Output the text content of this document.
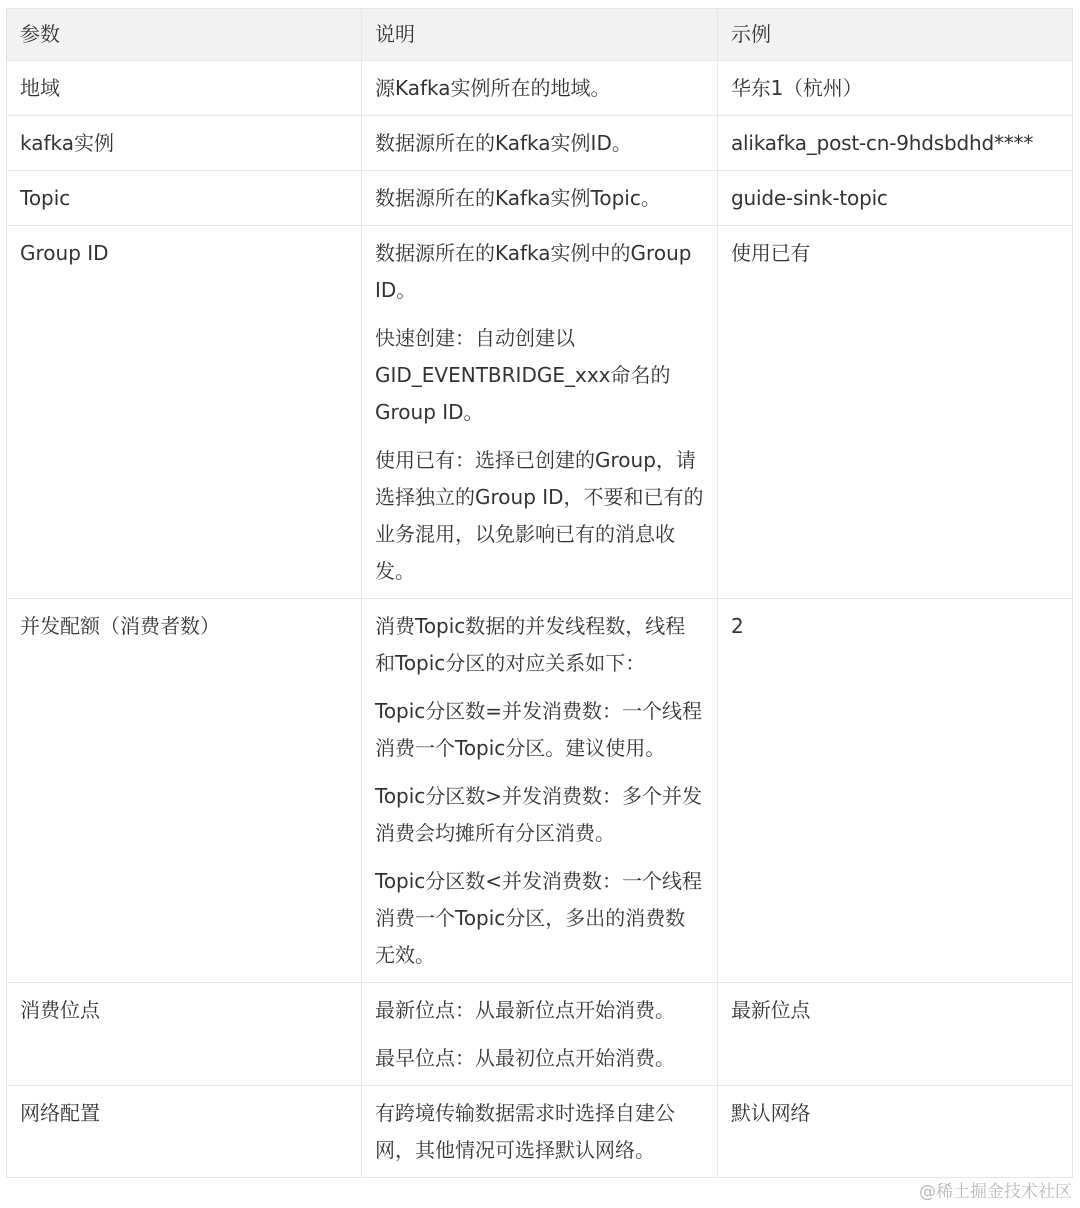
参数	说明	示例
地域	源Kafka实例所在的地域。	华东1（杭州）
kafka实例	数据源所在的Kafka实例ID。	alikafka_post-cn-9hdsbdhd****
Topic	数据源所在的Kafka实例Topic。	guide-sink-topic
Group ID	数据源所在的Kafka实例中的Group ID。

快速创建：自动创建以GID_EVENTBRIDGE_xxx命名的Group ID。

使用已有：选择已创建的Group，请选择独立的Group ID，不要和已有的业务混用，以免影响已有的消息收发。	使用已有
并发配额（消费者数）	消费Topic数据的并发线程数，线程和Topic分区的对应关系如下：

Topic分区数=并发消费数：一个线程消费一个Topic分区。建议使用。

Topic分区数>并发消费数：多个并发消费会均摊所有分区消费。

Topic分区数<并发消费数：一个线程消费一个Topic分区，多出的消费数无效。	2
消费位点	最新位点：从最新位点开始消费。

最早位点：从最初位点开始消费。	最新位点
网络配置	有跨境传输数据需求时选择自建公网，其他情况可选择默认网络。	默认网络
@稀土掘金技术社区
